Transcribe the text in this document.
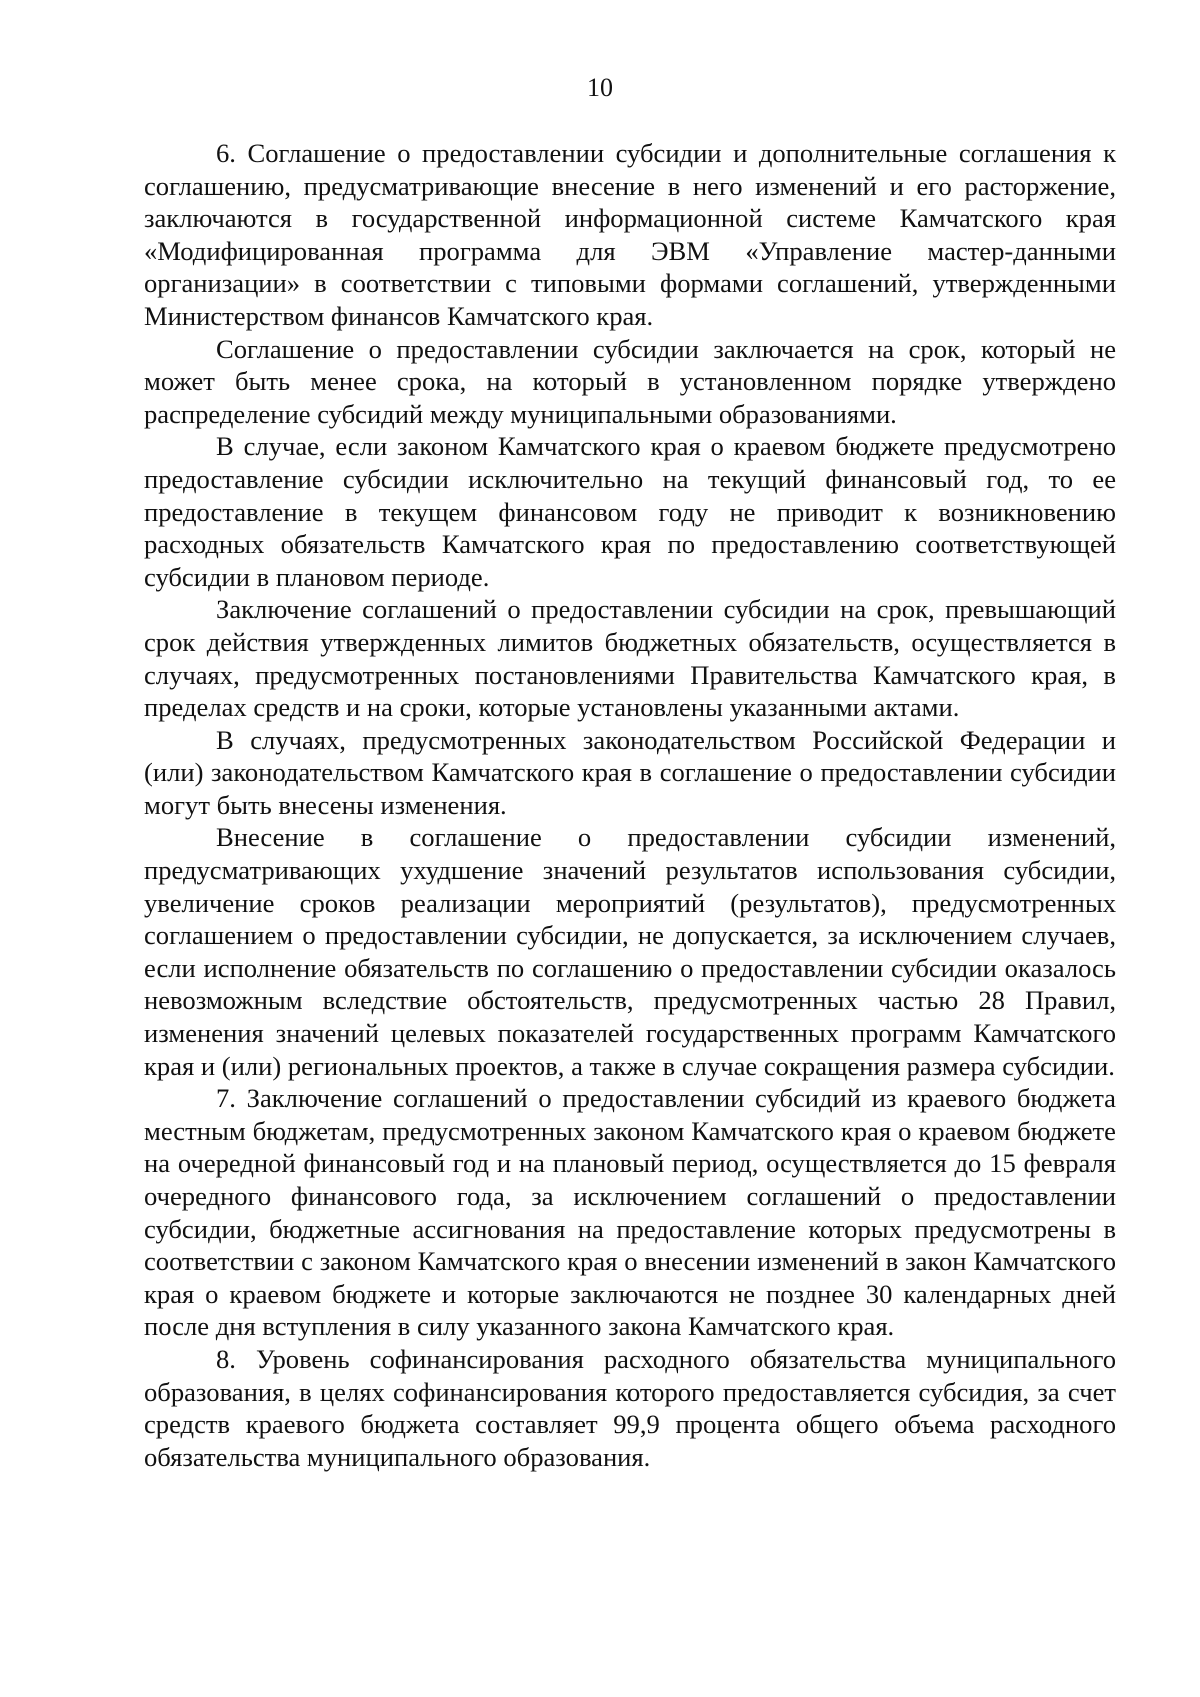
10

6. Соглашение о предоставлении субсидии и дополнительные соглашения к соглашению, предусматривающие внесение в него изменений и его расторжение, заключаются в государственной информационной системе Камчатского края «Модифицированная программа для ЭВМ «Управление мастер-данными организации» в соответствии с типовыми формами соглашений, утвержденными Министерством финансов Камчатского края.

Соглашение о предоставлении субсидии заключается на срок, который не может быть менее срока, на который в установленном порядке утверждено распределение субсидий между муниципальными образованиями.

В случае, если законом Камчатского края о краевом бюджете предусмотрено предоставление субсидии исключительно на текущий финансовый год, то ее предоставление в текущем финансовом году не приводит к возникновению расходных обязательств Камчатского края по предоставлению соответствующей субсидии в плановом периоде.

Заключение соглашений о предоставлении субсидии на срок, превышающий срок действия утвержденных лимитов бюджетных обязательств, осуществляется в случаях, предусмотренных постановлениями Правительства Камчатского края, в пределах средств и на сроки, которые установлены указанными актами.

В случаях, предусмотренных законодательством Российской Федерации и (или) законодательством Камчатского края в соглашение о предоставлении субсидии могут быть внесены изменения.

Внесение в соглашение о предоставлении субсидии изменений, предусматривающих ухудшение значений результатов использования субсидии, увеличение сроков реализации мероприятий (результатов), предусмотренных соглашением о предоставлении субсидии, не допускается, за исключением случаев, если исполнение обязательств по соглашению о предоставлении субсидии оказалось невозможным вследствие обстоятельств, предусмотренных частью 28 Правил, изменения значений целевых показателей государственных программ Камчатского края и (или) региональных проектов, а также в случае сокращения размера субсидии.

7. Заключение соглашений о предоставлении субсидий из краевого бюджета местным бюджетам, предусмотренных законом Камчатского края о краевом бюджете на очередной финансовый год и на плановый период, осуществляется до 15 февраля очередного финансового года, за исключением соглашений о предоставлении субсидии, бюджетные ассигнования на предоставление которых предусмотрены в соответствии с законом Камчатского края о внесении изменений в закон Камчатского края о краевом бюджете и которые заключаются не позднее 30 календарных дней после дня вступления в силу указанного закона Камчатского края.

8. Уровень софинансирования расходного обязательства муниципального образования, в целях софинансирования которого предоставляется субсидия, за счет средств краевого бюджета составляет 99,9 процента общего объема расходного обязательства муниципального образования.
